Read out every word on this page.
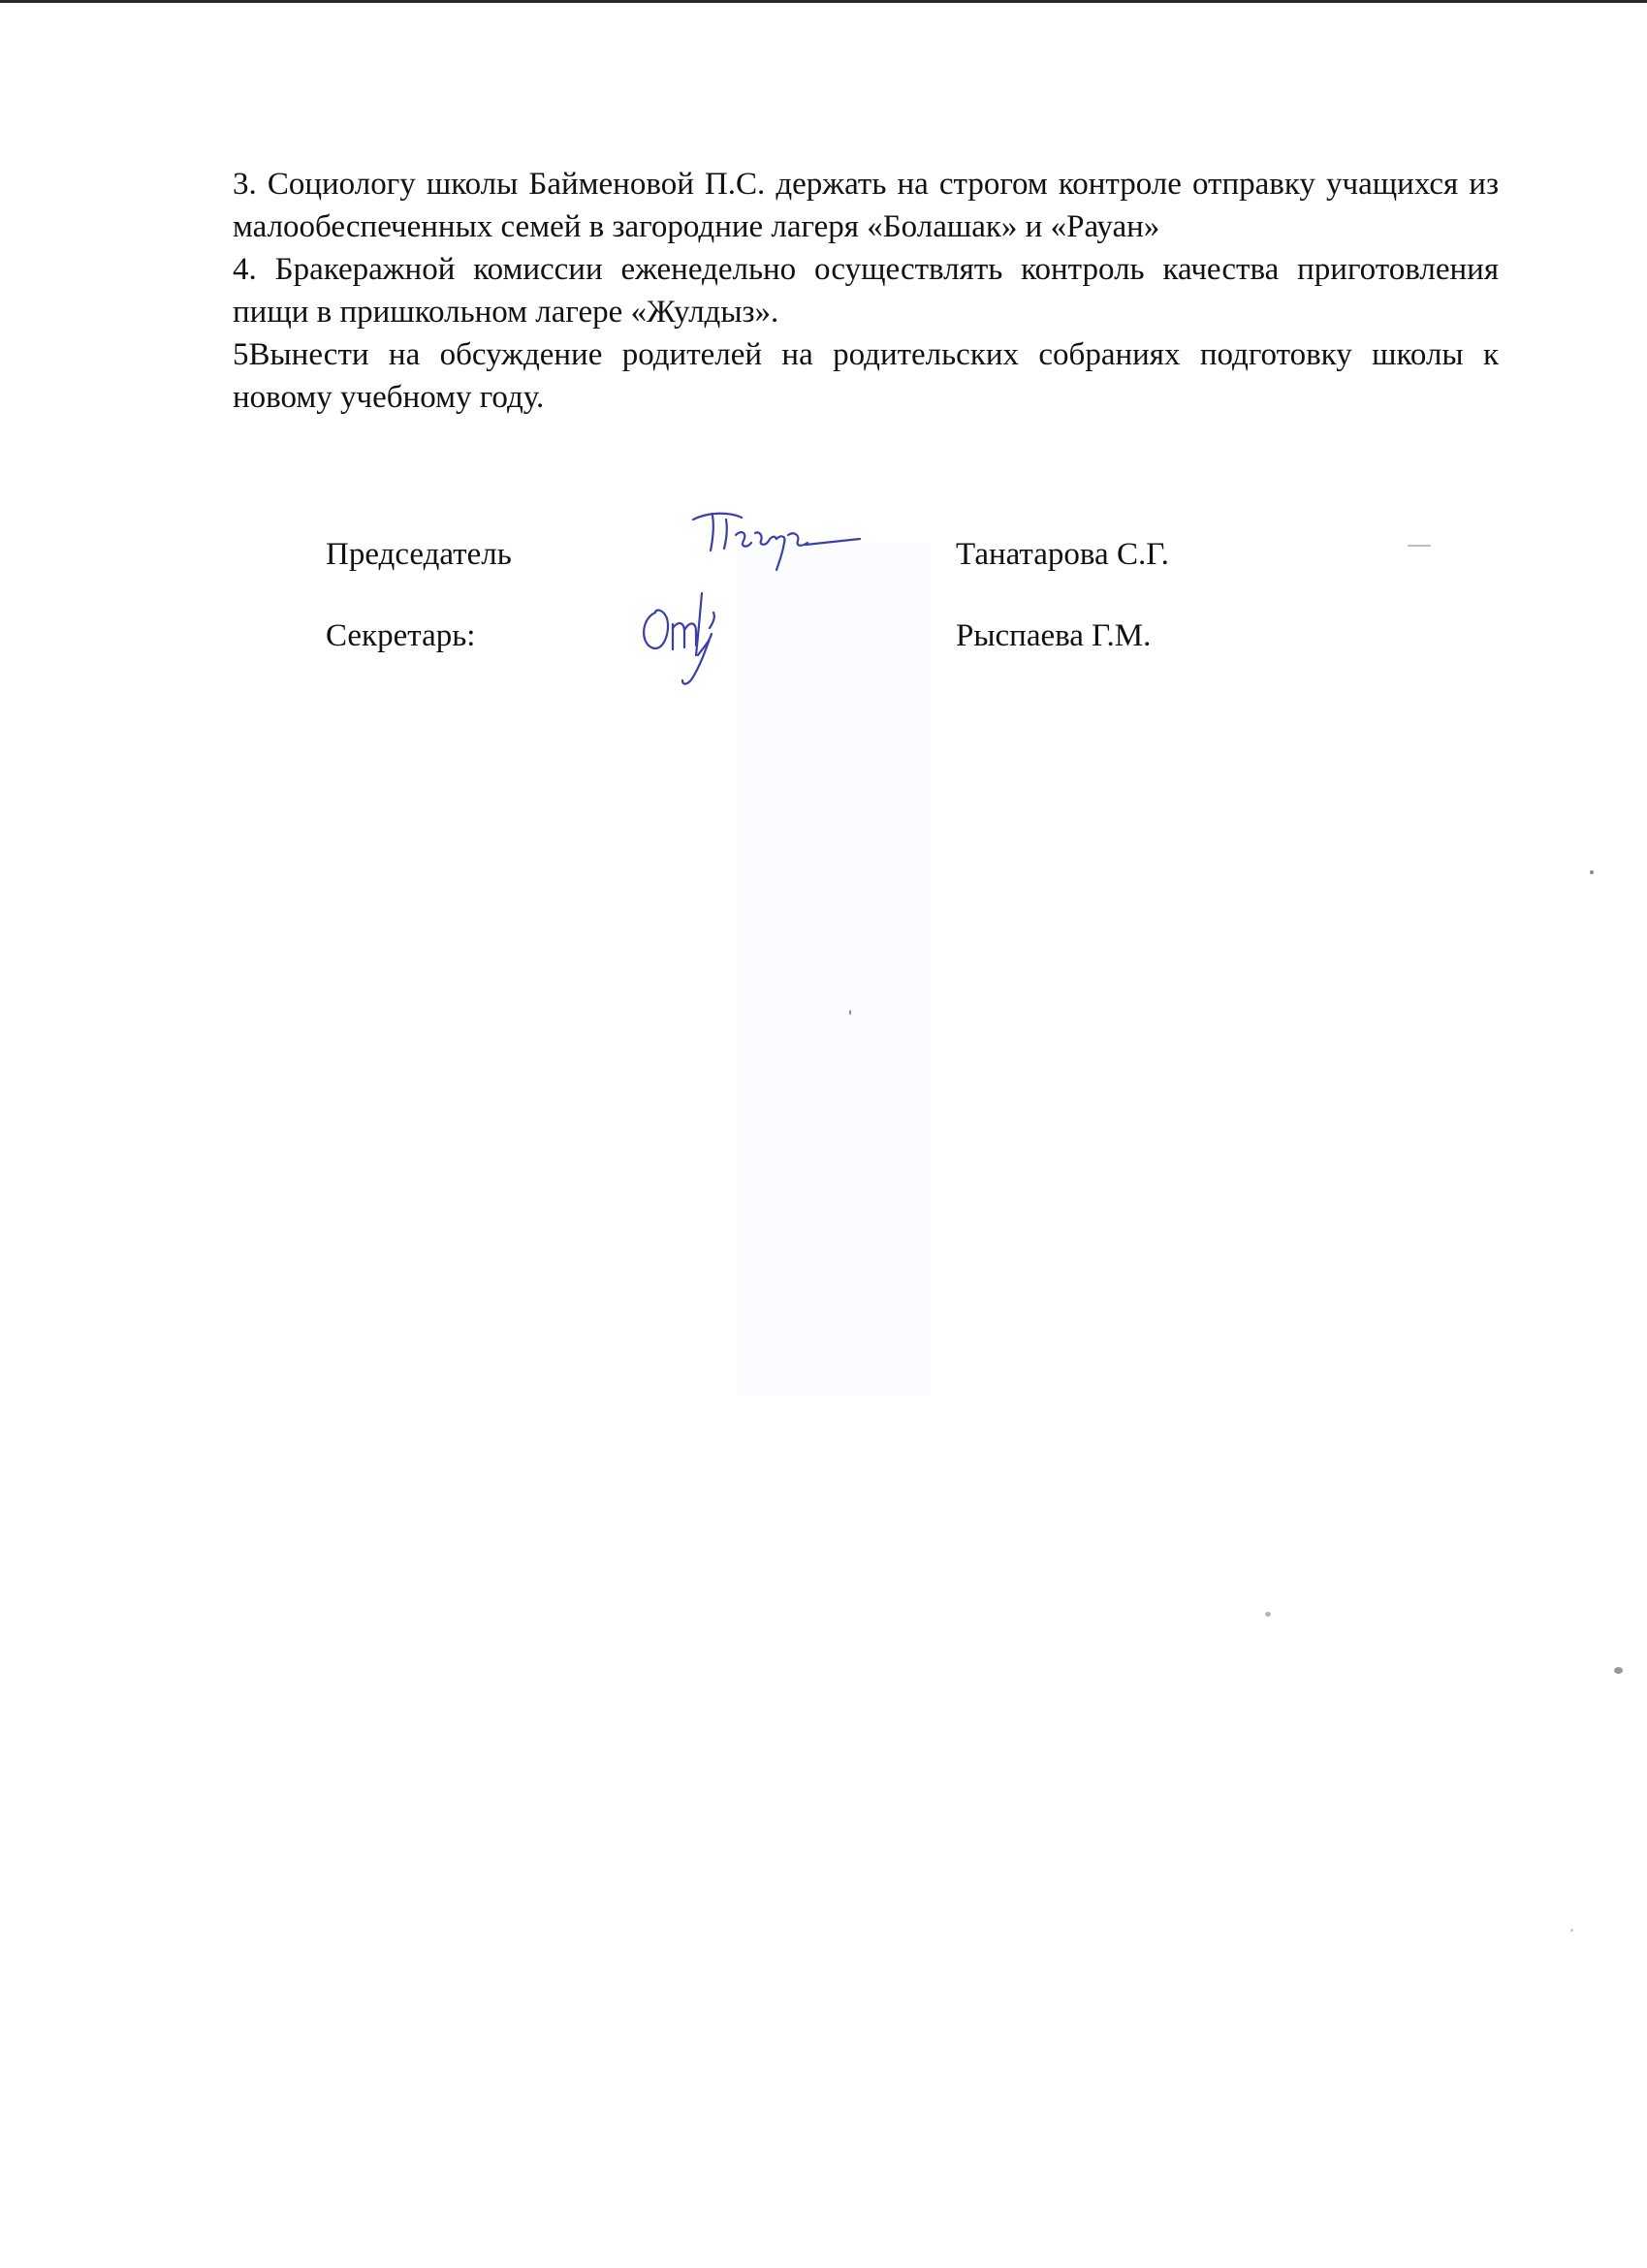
3. Социологу школы Байменовой П.С. держать на строгом контроле отправку учащихся из малообеспеченных семей в загородние лагеря «Болашак» и «Рауан»

4. Бракеражной комиссии еженедельно осуществлять контроль качества приготовления пищи в пришкольном лагере «Жулдыз».

5Вынести на обсуждение родителей на родительских собраниях подготовку школы к новому учебному году.

Председатель	Танатарова С.Г.
Секретарь:	Рыспаева Г.М.
